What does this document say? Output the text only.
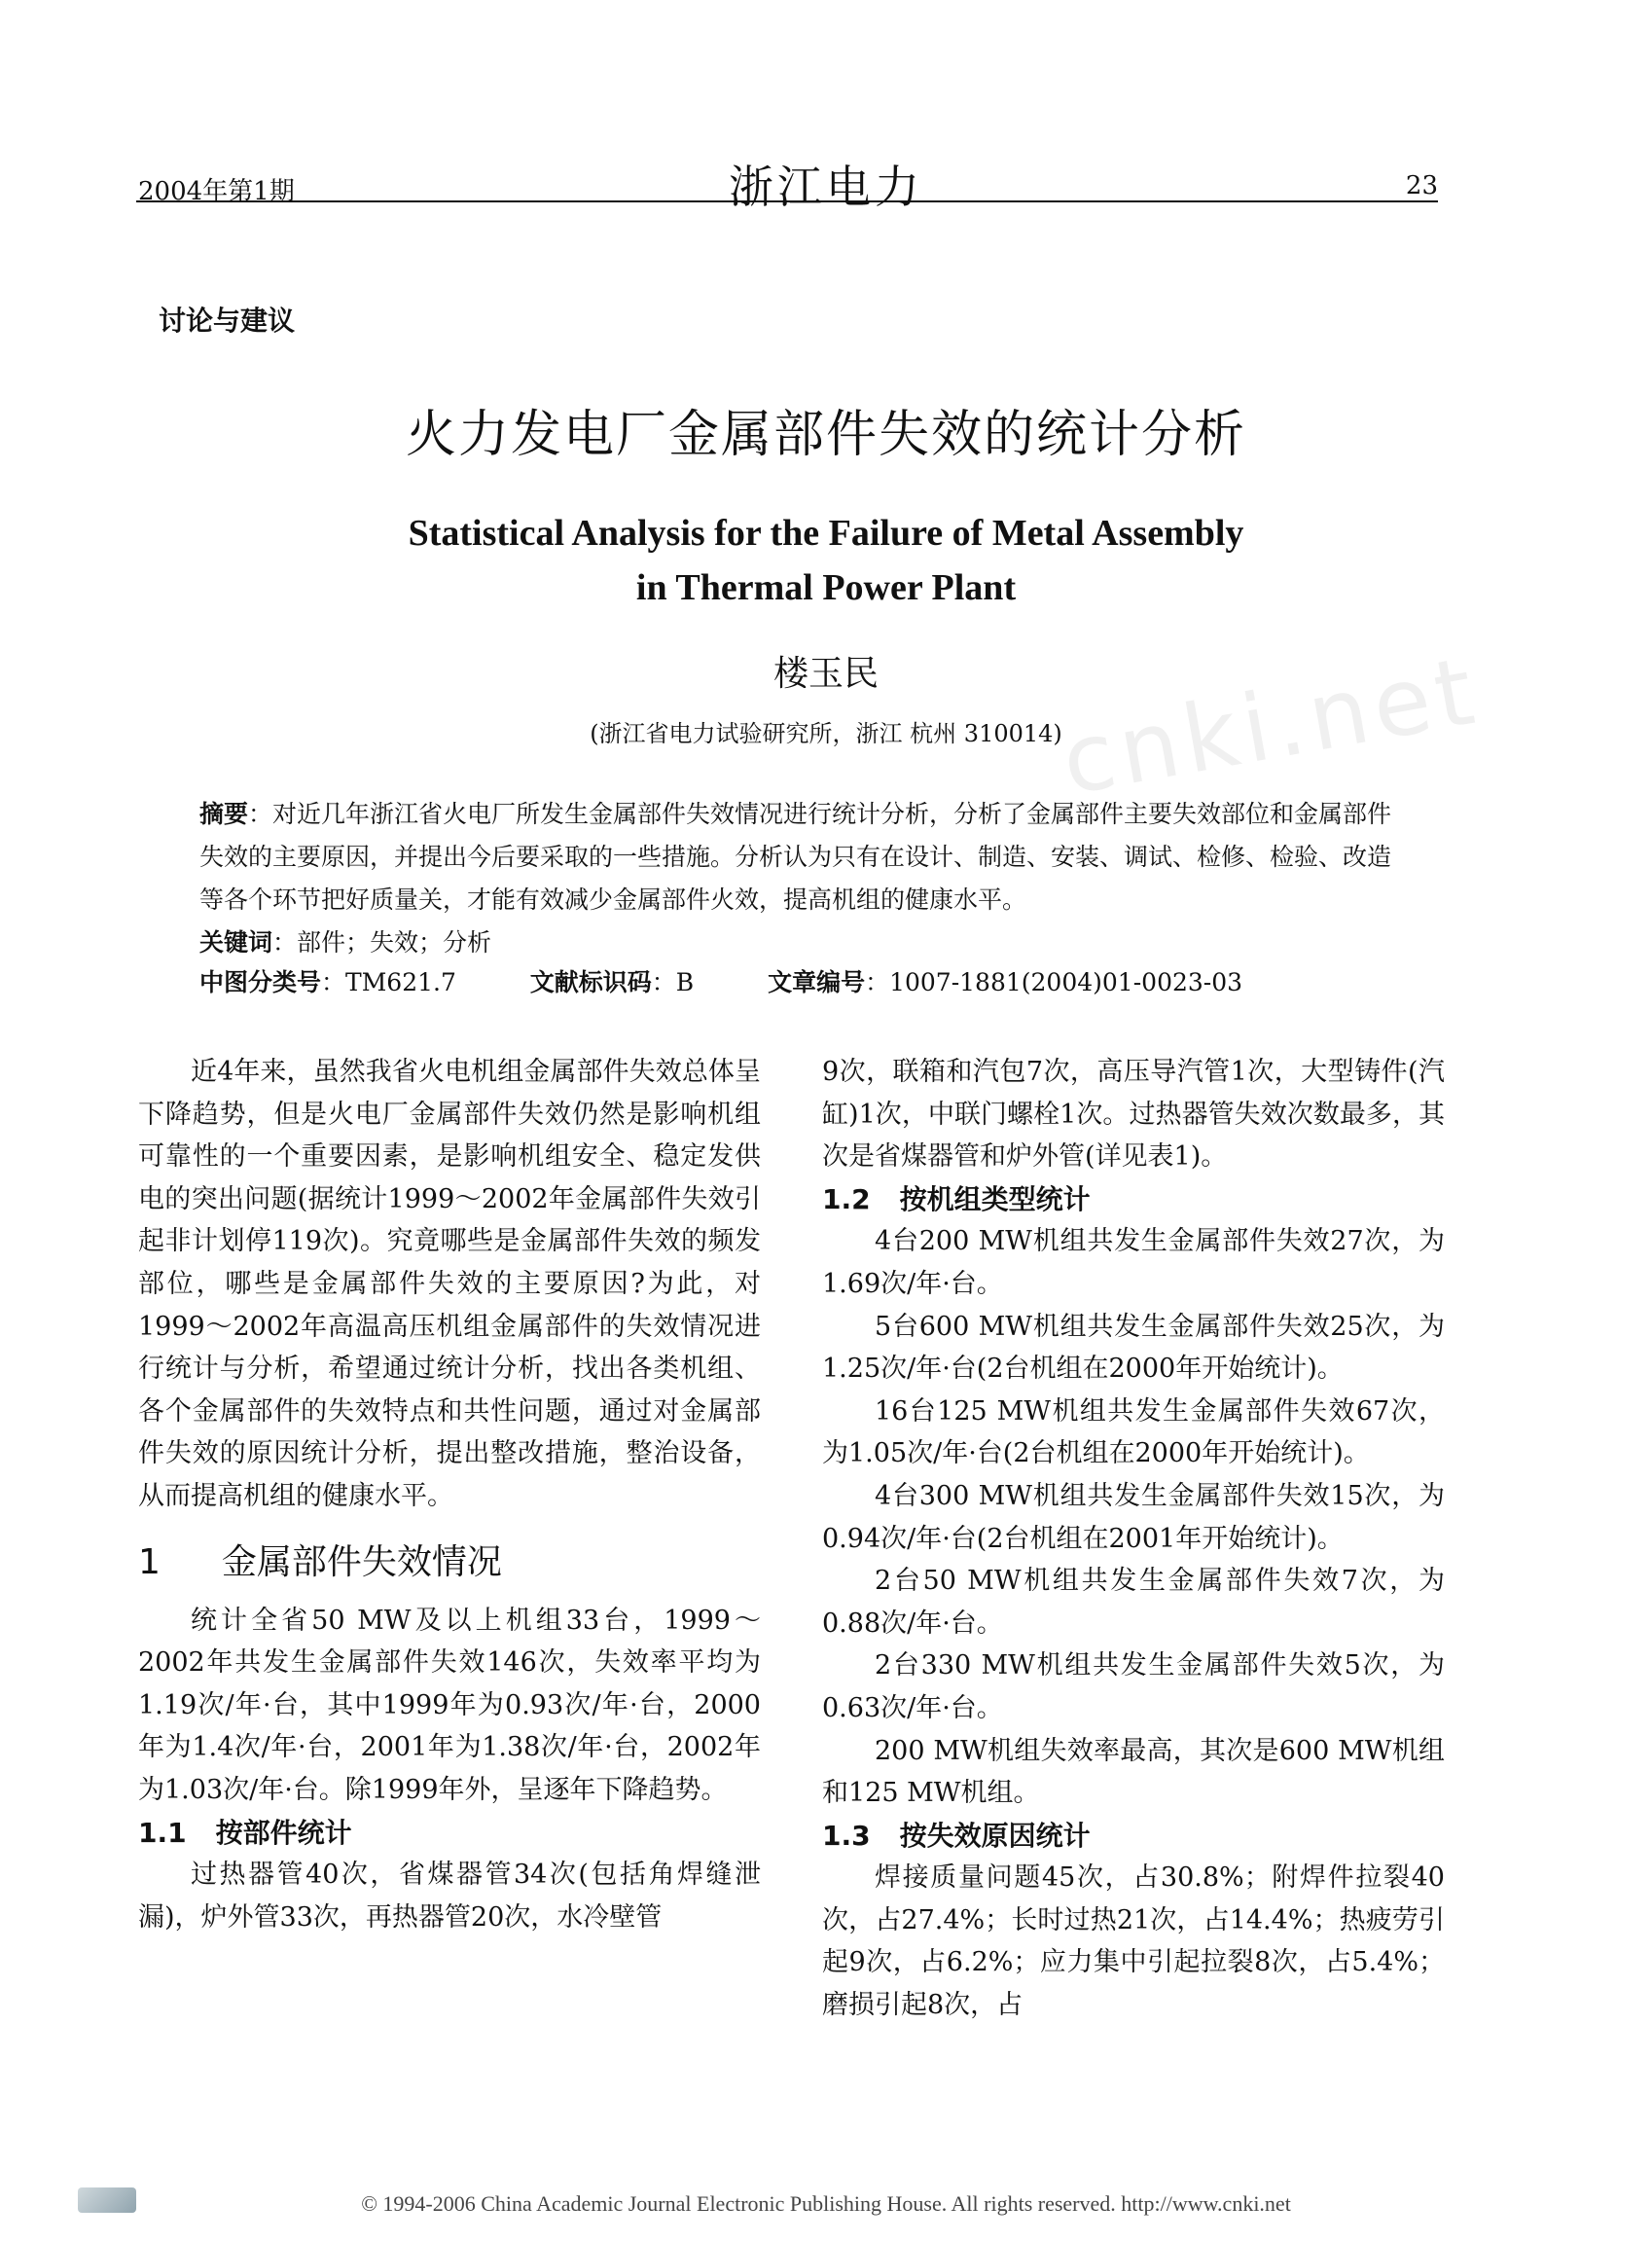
cnki.net
2004年第1期	浙江电力	23
讨论与建议
火力发电厂金属部件失效的统计分析
Statistical Analysis for the Failure of Metal Assembly
in Thermal Power Plant
楼玉民
(浙江省电力试验研究所，浙江 杭州 310014)
摘要：对近几年浙江省火电厂所发生金属部件失效情况进行统计分析，分析了金属部件主要失效部位和金属部件失效的主要原因，并提出今后要采取的一些措施。分析认为只有在设计、制造、安装、调试、检修、检验、改造等各个环节把好质量关，才能有效减少金属部件火效，提高机组的健康水平。
关键词：部件；失效；分析
中图分类号：TM621.7	文献标识码：B	文章编号：1007-1881(2004)01-0023-03

近4年来，虽然我省火电机组金属部件失效总体呈下降趋势，但是火电厂金属部件失效仍然是影响机组可靠性的一个重要因素，是影响机组安全、稳定发供电的突出问题(据统计1999～2002年金属部件失效引起非计划停119次)。究竟哪些是金属部件失效的频发部位，哪些是金属部件失效的主要原因?为此，对1999～2002年高温高压机组金属部件的失效情况进行统计与分析，希望通过统计分析，找出各类机组、各个金属部件的失效特点和共性问题，通过对金属部件失效的原因统计分析，提出整改措施，整治设备，从而提高机组的健康水平。

1 金属部件失效情况

统计全省50 MW及以上机组33台，1999～2002年共发生金属部件失效146次，失效率平均为1.19次/年·台，其中1999年为0.93次/年·台，2000年为1.4次/年·台，2001年为1.38次/年·台，2002年为1.03次/年·台。除1999年外，呈逐年下降趋势。

1.1 按部件统计

过热器管40次，省煤器管34次(包括角焊缝泄漏)，炉外管33次，再热器管20次，水冷壁管

9次，联箱和汽包7次，高压导汽管1次，大型铸件(汽缸)1次，中联门螺栓1次。过热器管失效次数最多，其次是省煤器管和炉外管(详见表1)。

1.2 按机组类型统计

4台200 MW机组共发生金属部件失效27次，为1.69次/年·台。

5台600 MW机组共发生金属部件失效25次，为1.25次/年·台(2台机组在2000年开始统计)。

16台125 MW机组共发生金属部件失效67次，为1.05次/年·台(2台机组在2000年开始统计)。

4台300 MW机组共发生金属部件失效15次，为0.94次/年·台(2台机组在2001年开始统计)。

2台50 MW机组共发生金属部件失效7次，为0.88次/年·台。

2台330 MW机组共发生金属部件失效5次，为0.63次/年·台。

200 MW机组失效率最高，其次是600 MW机组和125 MW机组。

1.3 按失效原因统计

焊接质量问题45次，占30.8%；附焊件拉裂40次，占27.4%；长时过热21次，占14.4%；热疲劳引起9次，占6.2%；应力集中引起拉裂8次，占5.4%；磨损引起8次，占

© 1994-2006 China Academic Journal Electronic Publishing House. All rights reserved. http://www.cnki.net
